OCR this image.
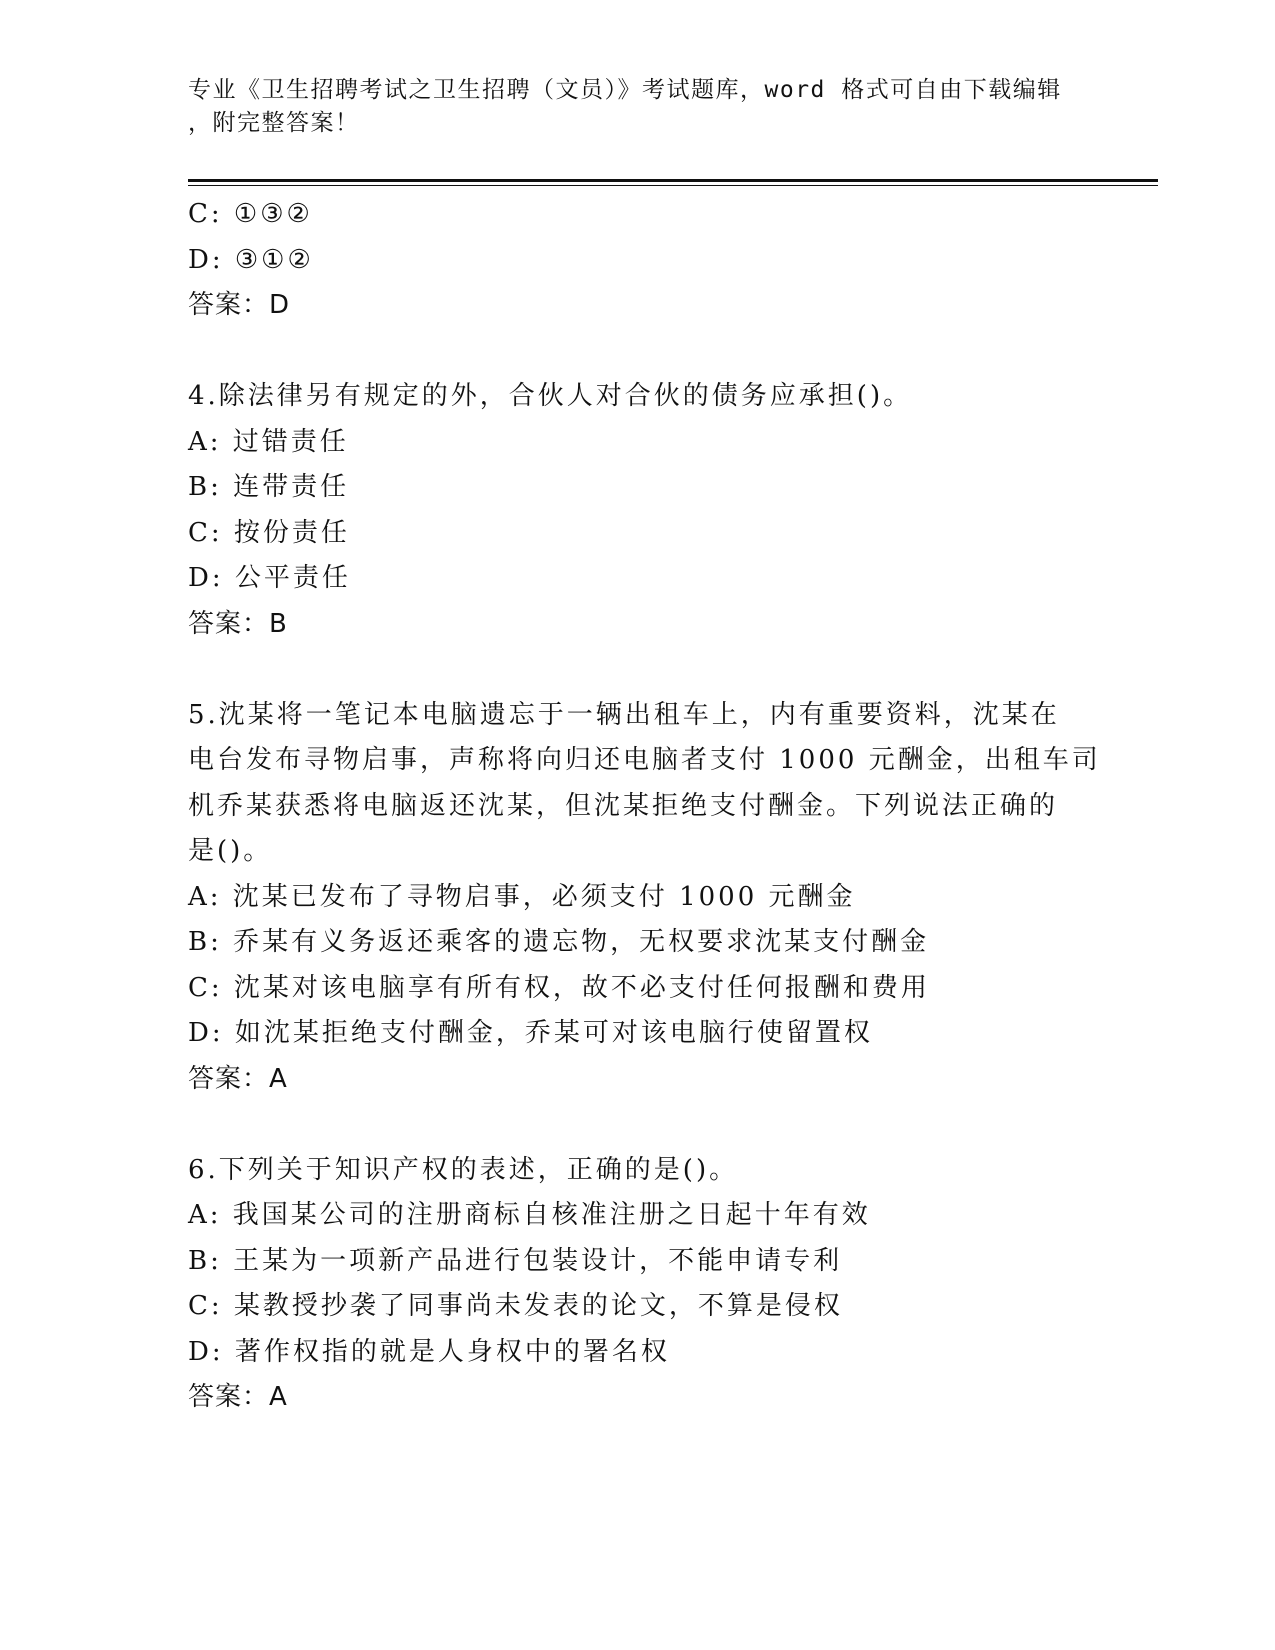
专业《卫生招聘考试之卫生招聘（文员）》考试题库，word 格式可自由下载编辑
，附完整答案！
C: ①③②
D: ③①②
答案：D
4.除法律另有规定的外，合伙人对合伙的债务应承担()。
A: 过错责任
B: 连带责任
C: 按份责任
D: 公平责任
答案：B
5.沈某将一笔记本电脑遗忘于一辆出租车上，内有重要资料，沈某在
电台发布寻物启事，声称将向归还电脑者支付 1000 元酬金，出租车司
机乔某获悉将电脑返还沈某，但沈某拒绝支付酬金。下列说法正确的
是()。
A: 沈某已发布了寻物启事，必须支付 1000 元酬金
B: 乔某有义务返还乘客的遗忘物，无权要求沈某支付酬金
C: 沈某对该电脑享有所有权，故不必支付任何报酬和费用
D: 如沈某拒绝支付酬金，乔某可对该电脑行使留置权
答案：A
6.下列关于知识产权的表述，正确的是()。
A: 我国某公司的注册商标自核准注册之日起十年有效
B: 王某为一项新产品进行包装设计，不能申请专利
C: 某教授抄袭了同事尚未发表的论文，不算是侵权
D: 著作权指的就是人身权中的署名权
答案：A
